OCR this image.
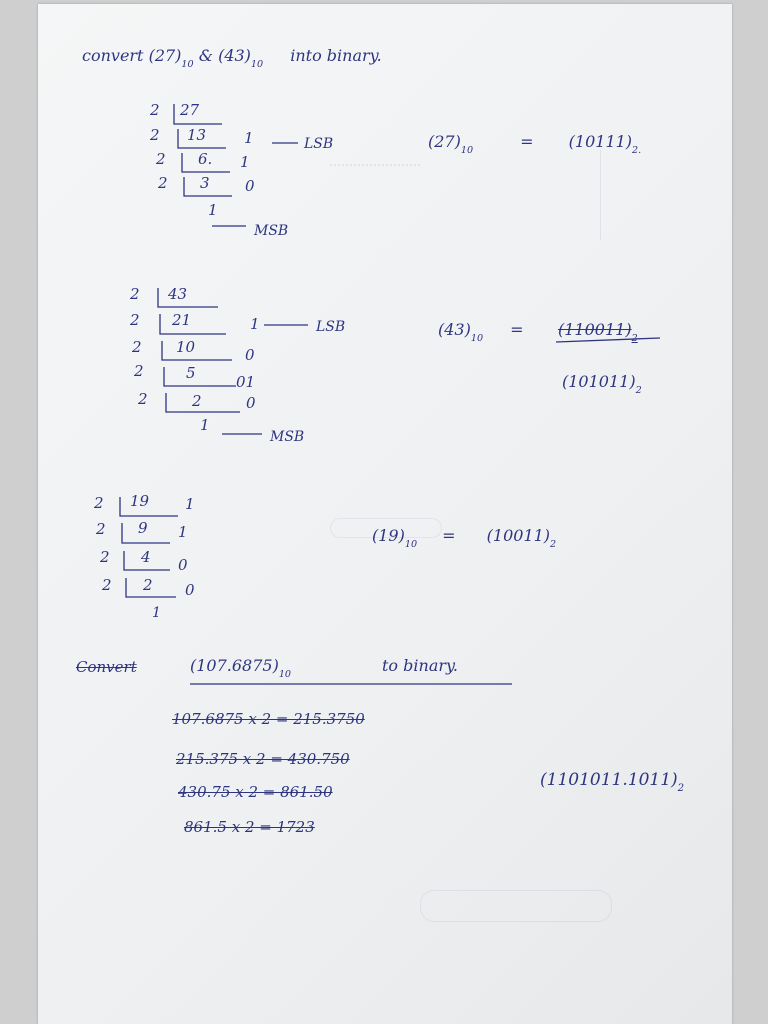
convert $(27)_{10}$ & $(43)_{10}$ into binary.
2 27
2 13	1
2 6. 1
2 3 0
1
LSB
MSB
$(27)_{10}$	= $(10111)_{2.}$
2 43
2 21	1
2 10	0
2	5	01
2	2	0
1
LSB
MSB
$(43)_{10} = (110011)_2$
$(101011)_2$
2 19 1
2 9 1
2 4 0
2 2 0
1
$(19)_{10} = (10011)_2$
Convert	$(107.6875)_{10}$	to binary.
107.6875 x 2 = 215.3750
215.375 x 2 = 430.750
430.75 x 2 = 861.50
861.5 x 2 = 1723
$(1101011.1011)_2$
